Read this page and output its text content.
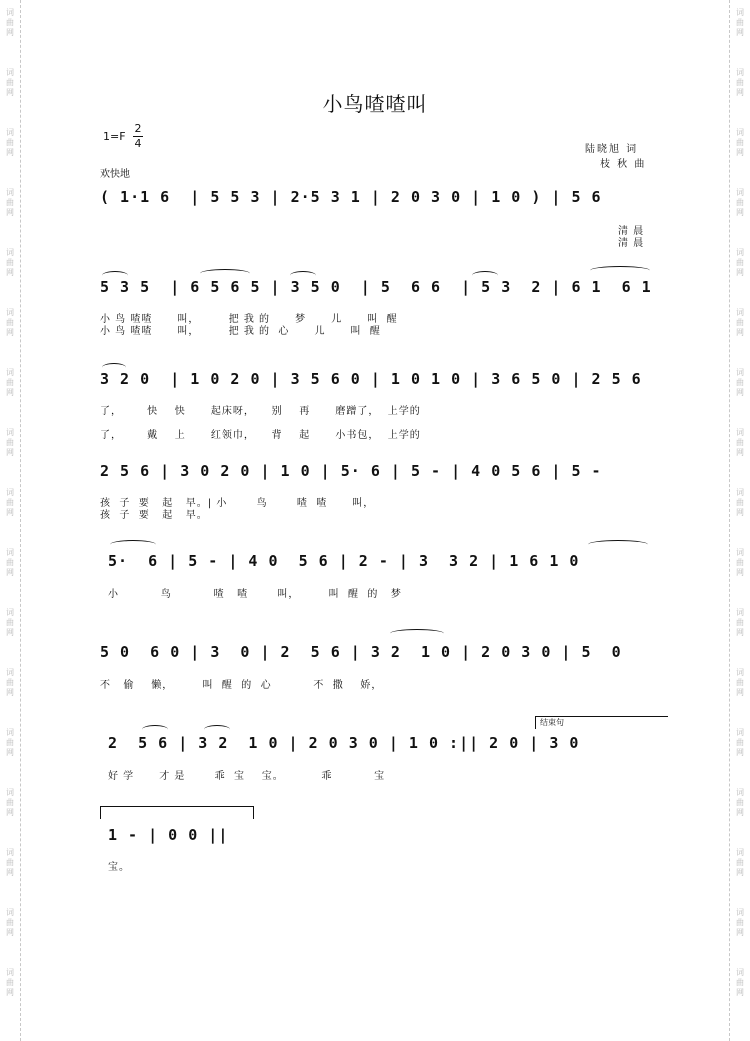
词
曲
网
词
曲
网
词
曲
网
词
曲
网
词
曲
网
词
曲
网
词
曲
网
词
曲
网
词
曲
网
词
曲
网
词
曲
网
词
曲
网
词
曲
网
词
曲
网
词
曲
网
词
曲
网
词
曲
网
词
曲
网
词
曲
网
词
曲
网
词
曲
网
词
曲
网
词
曲
网
词
曲
网
词
曲
网
词
曲
网
词
曲
网
词
曲
网
词
曲
网
词
曲
网
词
曲
网
词
曲
网
词
曲
网
词
曲
网
小鸟喳喳叫
1=F
2
4
欢快地
陆晓旭 词
枝 秋 曲
( 1·1 6  | 5 5 3 | 2·5 3 1 | 2 0 3 0 | 1 0 ) | 5 6
清 晨
清 晨
5 3 5  | 6 5 6 5 | 3 5 0  | 5  6 6  | 5 3  2 | 6 1  6 1
小 鸟 喳喳      叫，       把 我 的      梦      儿      叫  醒
小 鸟 喳喳      叫，       把 我 的  心      儿      叫  醒
3 2 0  | 1 0 2 0 | 3 5 6 0 | 1 0 1 0 | 3 6 5 0 | 2 5 6
了，      快    快      起床呀，    别    再      磨蹭了，  上学的
了，      戴    上      红领巾，    背    起      小书包，  上学的
2 5 6 | 3 0 2 0 | 1 0 | 5· 6 | 5 - | 4 0 5 6 | 5 -
孩  子  要   起   早。| 小       鸟       喳  喳      叫，
孩  子  要   起   早。
5·  6 | 5 - | 4 0  5 6 | 2 - | 3  3 2 | 1 6 1 0
小          鸟          喳   喳       叫，       叫  醒  的   梦
5 0  6 0 | 3  0 | 2  5 6 | 3 2  1 0 | 2 0 3 0 | 5  0
不   偷    懒，       叫  醒  的  心          不  撒    娇，
结束句
2  5 6 | 3 2  1 0 | 2 0 3 0 | 1 0 :|| 2 0 | 3 0
好 学      才 是       乖  宝    宝。         乖          宝
1 - | 0 0 ||
宝。
